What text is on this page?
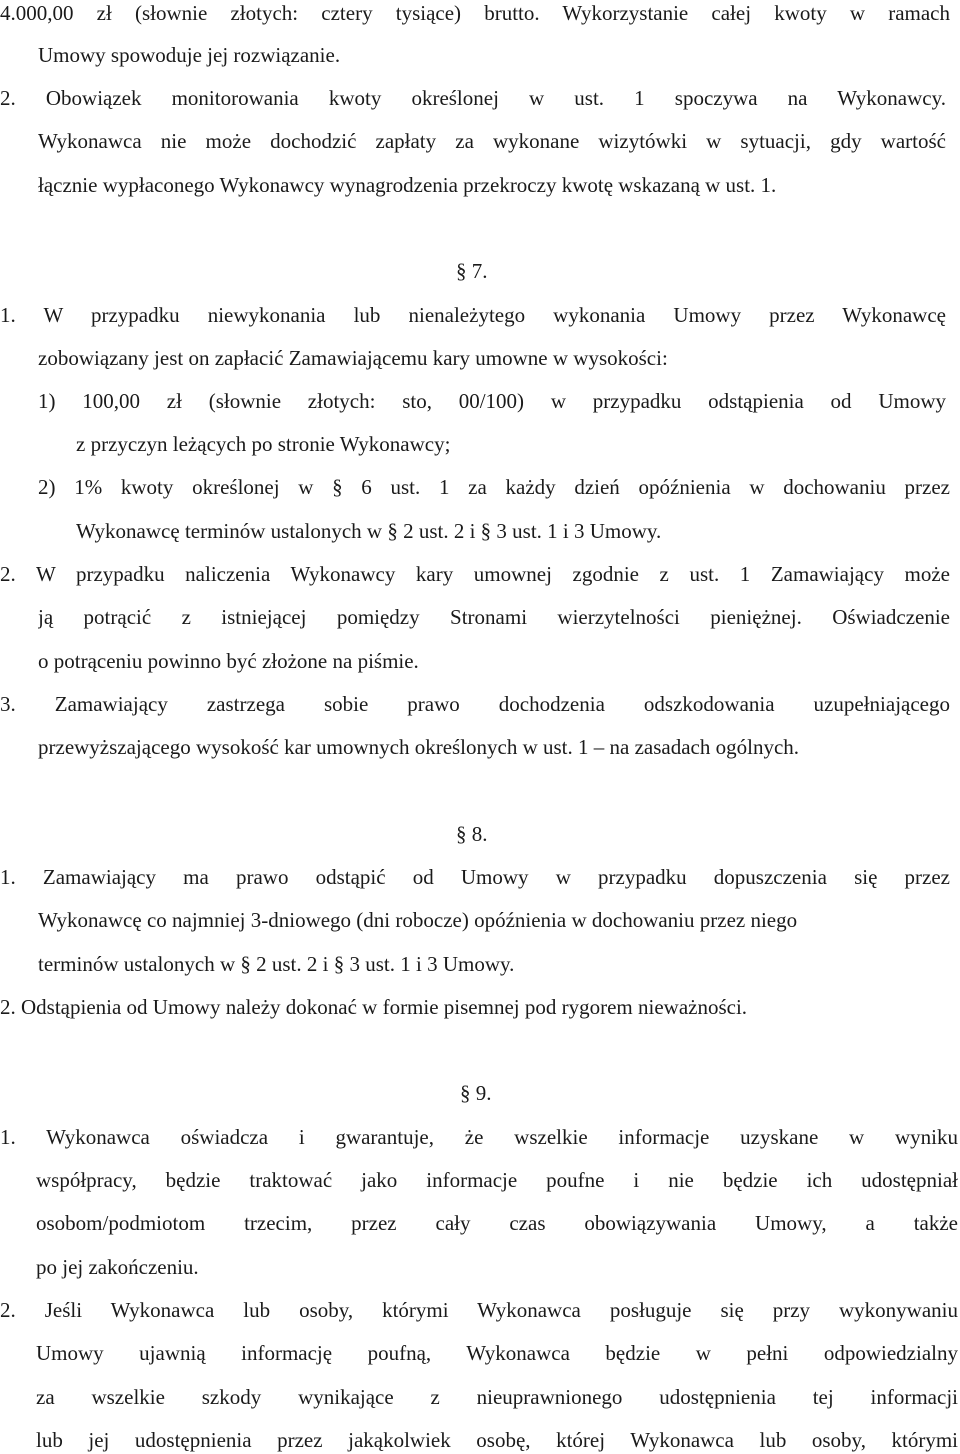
4.000,00 zł (słownie złotych: cztery tysiące) brutto. Wykorzystanie całej kwoty w ramach

Umowy spowoduje jej rozwiązanie.

2. Obowiązek monitorowania kwoty określonej w ust. 1 spoczywa na Wykonawcy.

Wykonawca nie może dochodzić zapłaty za wykonane wizytówki w sytuacji, gdy wartość

łącznie wypłaconego Wykonawcy wynagrodzenia przekroczy kwotę wskazaną w ust. 1.

§ 7.

1. W przypadku niewykonania lub nienależytego wykonania Umowy przez Wykonawcę

zobowiązany jest on zapłacić Zamawiającemu kary umowne w wysokości:

1) 100,00 zł (słownie złotych: sto, 00/100) w przypadku odstąpienia od Umowy

z przyczyn leżących po stronie Wykonawcy;

2) 1% kwoty określonej w § 6 ust. 1 za każdy dzień opóźnienia w dochowaniu przez

Wykonawcę terminów ustalonych w § 2 ust. 2 i § 3 ust. 1 i 3 Umowy.

2. W przypadku naliczenia Wykonawcy kary umownej zgodnie z ust. 1 Zamawiający może

ją potrącić z istniejącej pomiędzy Stronami wierzytelności pieniężnej. Oświadczenie

o potrąceniu powinno być złożone na piśmie.

3. Zamawiający zastrzega sobie prawo dochodzenia odszkodowania uzupełniającego

przewyższającego wysokość kar umownych określonych w ust. 1 – na zasadach ogólnych.

§ 8.

1. Zamawiający ma prawo odstąpić od Umowy w przypadku dopuszczenia się przez

Wykonawcę co najmniej 3-dniowego (dni robocze) opóźnienia w dochowaniu przez niego

terminów ustalonych w § 2 ust. 2 i § 3 ust. 1 i 3 Umowy.

2. Odstąpienia od Umowy należy dokonać w formie pisemnej pod rygorem nieważności.

§ 9.

1. Wykonawca oświadcza i gwarantuje, że wszelkie informacje uzyskane w wyniku

współpracy, będzie traktować jako informacje poufne i nie będzie ich udostępniał

osobom/podmiotom trzecim, przez cały czas obowiązywania Umowy, a także

po jej zakończeniu.

2. Jeśli Wykonawca lub osoby, którymi Wykonawca posługuje się przy wykonywaniu

Umowy ujawnią informację poufną, Wykonawca będzie w pełni odpowiedzialny

za wszelkie szkody wynikające z nieuprawnionego udostępnienia tej informacji

lub jej udostępnienia przez jakąkolwiek osobę, której Wykonawca lub osoby, którymi
